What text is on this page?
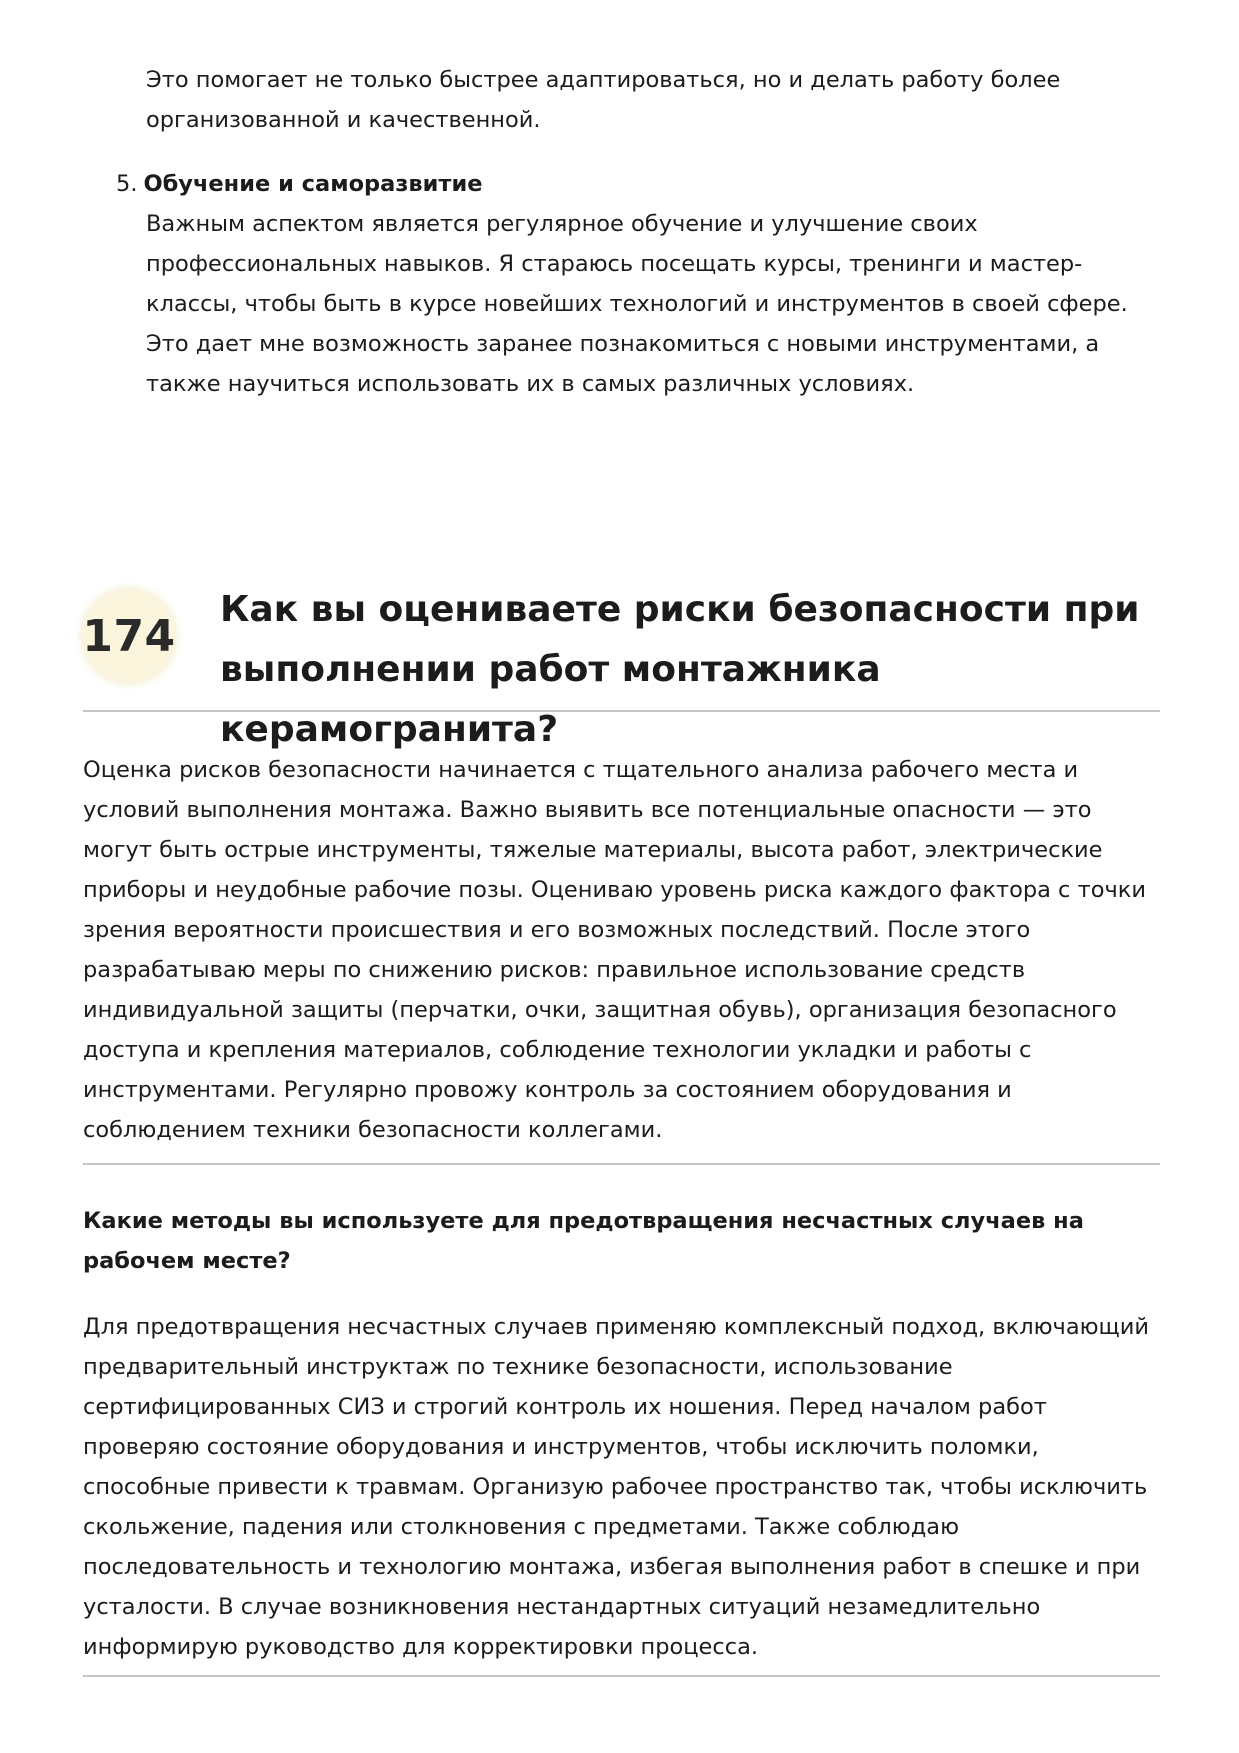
Это помогает не только быстрее адаптироваться, но и делать работу более организованной и качественной.

5. Обучение и саморазвитие

Важным аспектом является регулярное обучение и улучшение своих профессиональных навыков. Я стараюсь посещать курсы, тренинги и мастер-классы, чтобы быть в курсе новейших технологий и инструментов в своей сфере. Это дает мне возможность заранее познакомиться с новыми инструментами, а также научиться использовать их в самых различных условиях.

174
Как вы оцениваете риски безопасности при выполнении работ монтажника керамогранита?

Оценка рисков безопасности начинается с тщательного анализа рабочего места и условий выполнения монтажа. Важно выявить все потенциальные опасности — это могут быть острые инструменты, тяжелые материалы, высота работ, электрические приборы и неудобные рабочие позы. Оцениваю уровень риска каждого фактора с точки зрения вероятности происшествия и его возможных последствий. После этого разрабатываю меры по снижению рисков: правильное использование средств индивидуальной защиты (перчатки, очки, защитная обувь), организация безопасного доступа и крепления материалов, соблюдение технологии укладки и работы с инструментами. Регулярно провожу контроль за состоянием оборудования и соблюдением техники безопасности коллегами.

Какие методы вы используете для предотвращения несчастных случаев на рабочем месте?

Для предотвращения несчастных случаев применяю комплексный подход, включающий предварительный инструктаж по технике безопасности, использование сертифицированных СИЗ и строгий контроль их ношения. Перед началом работ проверяю состояние оборудования и инструментов, чтобы исключить поломки, способные привести к травмам. Организую рабочее пространство так, чтобы исключить скольжение, падения или столкновения с предметами. Также соблюдаю последовательность и технологию монтажа, избегая выполнения работ в спешке и при усталости. В случае возникновения нестандартных ситуаций незамедлительно информирую руководство для корректировки процесса.
